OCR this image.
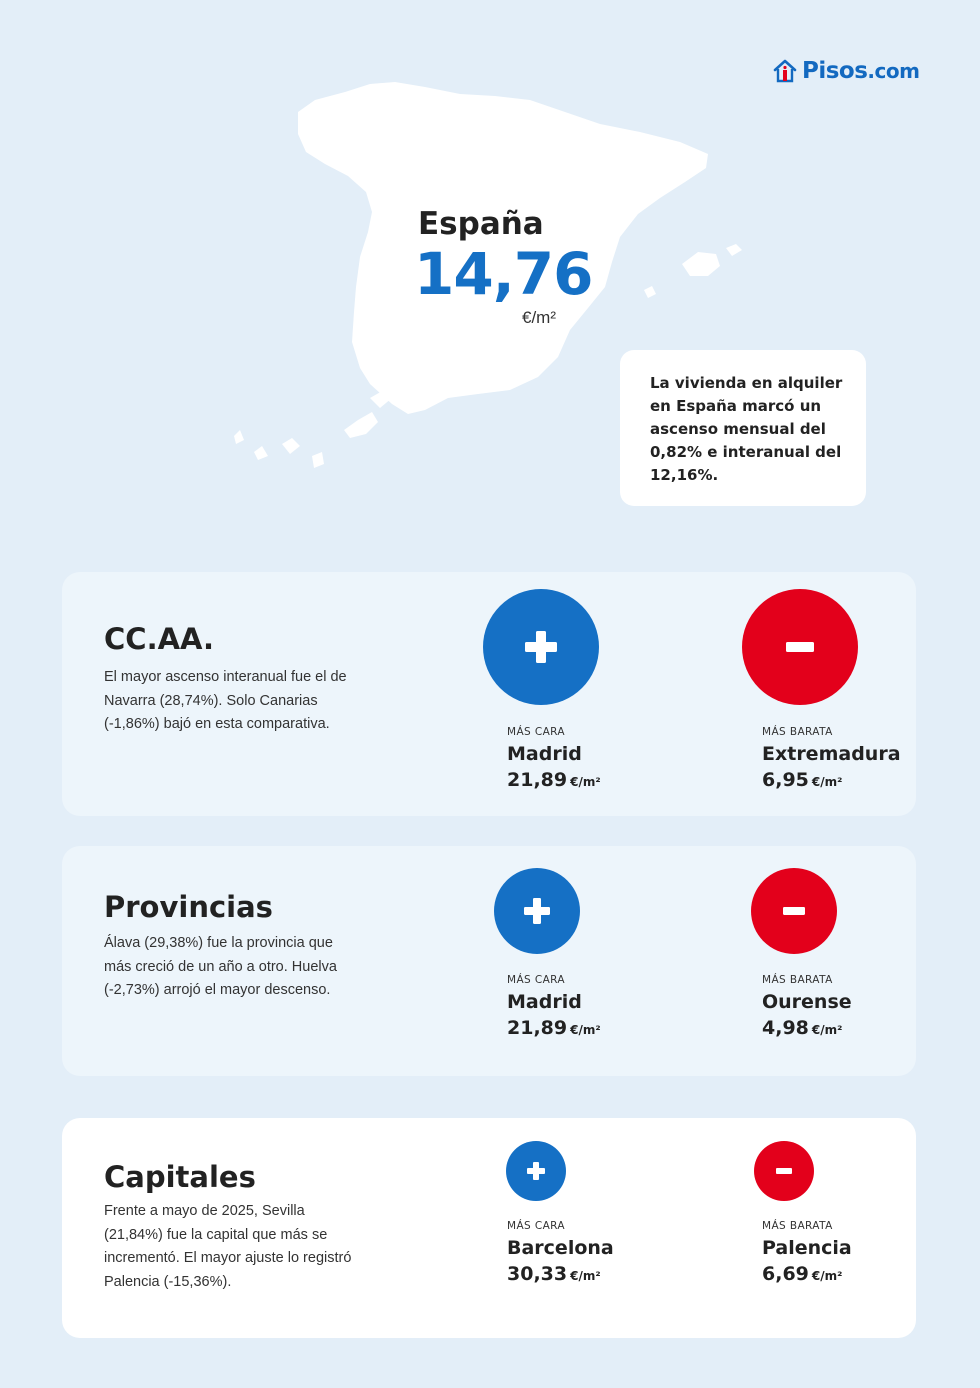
Pisos.com
España
14,76
€/m²
La vivienda en alquiler en España marcó un ascenso mensual del 0,82% e interanual del 12,16%.
CC.AA.
El mayor ascenso interanual fue el de Navarra (28,74%). Solo Canarias (-1,86%) bajó en esta comparativa.	MÁS CARA
Madrid
21,89 €/m²
MÁS BARATA
Extremadura
6,95 €/m²
Provincias
Álava (29,38%) fue la provincia que más creció de un año a otro. Huelva (-2,73%) arrojó el mayor descenso.
MÁS CARA
Madrid
21,89 €/m²
MÁS BARATA
Ourense
4,98 €/m²
Capitales
Frente a mayo de 2025, Sevilla (21,84%) fue la capital que más se incrementó. El mayor ajuste lo registró Palencia (-15,36%).
MÁS CARA
Barcelona
30,33 €/m²
MÁS BARATA
Palencia
6,69 €/m²
